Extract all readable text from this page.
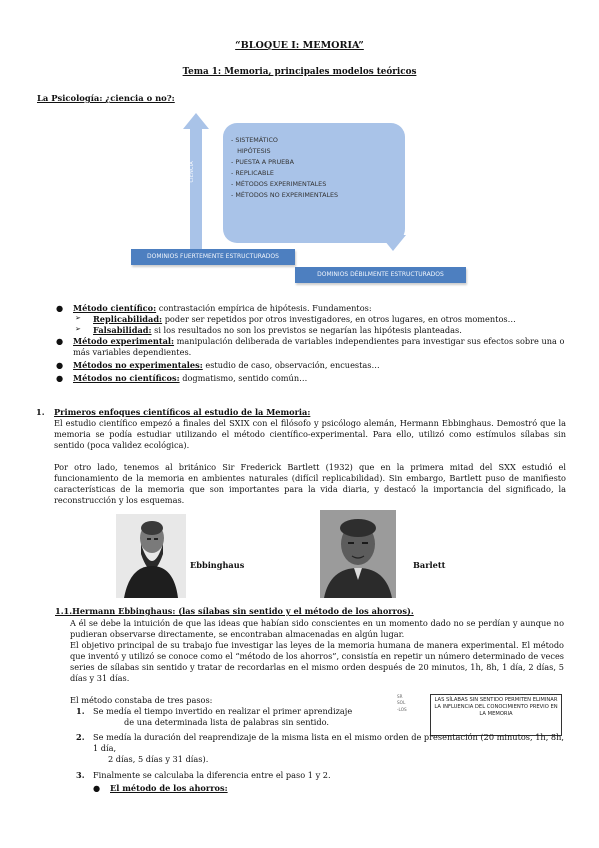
“BLOQUE I: MEMORIA”
Tema 1: Memoria, principales modelos teóricos
La Psicología: ¿ciencia o no?:
CIENCIA
- SISTEMÁTICO
HIPÓTESIS
- PUESTA A PRUEBA
- REPLICABLE
- MÉTODOS EXPERIMENTALES
- MÉTODOS NO EXPERIMENTALES
DOMINIOS FUERTEMENTE ESTRUCTURADOS
DOMINIOS DÉBILMENTE ESTRUCTURADOS

● Método científico: contrastación empírica de hipótesis. Fundamentos:

➢ Replicabilidad: poder ser repetidos por otros investigadores, en otros lugares, en otros momentos…

➢ Falsabilidad: si los resultados no son los previstos se negarían las hipótesis planteadas.

● Método experimental: manipulación deliberada de variables independientes para investigar sus efectos sobre una o más variables dependientes.

● Métodos no experimentales: estudio de caso, observación, encuestas…

● Métodos no científicos: dogmatismo, sentido común…

1. Primeros enfoques científicos al estudio de la Memoria:

El estudio científico empezó a finales del SXIX con el filósofo y psicólogo alemán, Hermann Ebbinghaus. Demostró que la memoria se podía estudiar utilizando el método científico-experimental. Para ello, utilizó como estímulos sílabas sin sentido (poca validez ecológica).

Por otro lado, tenemos al británico Sir Frederick Bartlett (1932) que en la primera mitad del SXX estudió el funcionamiento de la memoria en ambientes naturales (difícil replicabilidad). Sin embargo, Bartlett puso de manifiesto características de la memoria que son importantes para la vida diaria, y destacó la importancia del significado, la reconstrucción y los esquemas.

Ebbinghaus	Barlett
1.1.Hermann Ebbinghaus: (las sílabas sin sentido y el método de los ahorros).

A él se debe la intuición de que las ideas que habían sido conscientes en un momento dado no se perdían y aunque no pudieran observarse directamente, se encontraban almacenadas en algún lugar.

El objetivo principal de su trabajo fue investigar las leyes de la memoria humana de manera experimental. El método que inventó y utilizó se conoce como el “método de los ahorros”, consistía en repetir un número determinado de veces series de sílabas sin sentido y tratar de recordarlas en el mismo orden después de 20 minutos, 1h, 8h, 1 día, 2 días, 5 días y 31 días.

El método constaba de tres pasos:	SR
SOL
-LOS
LAS SÍLABAS SIN SENTIDO PERMITEN ELIMINAR LA INFLUENCIA DEL CONOCIMIENTO PREVIO EN LA MEMORIA

1. Se medía el tiempo invertido en realizar el primer aprendizaje

de una determinada lista de palabras sin sentido.

2. Se medía la duración del reaprendizaje de la misma lista en el mismo orden de presentación (20 minutos, 1h, 8h, 1 día,

2 días, 5 días y 31 días).

3. Finalmente se calculaba la diferencia entre el paso 1 y 2.

● El método de los ahorros:
